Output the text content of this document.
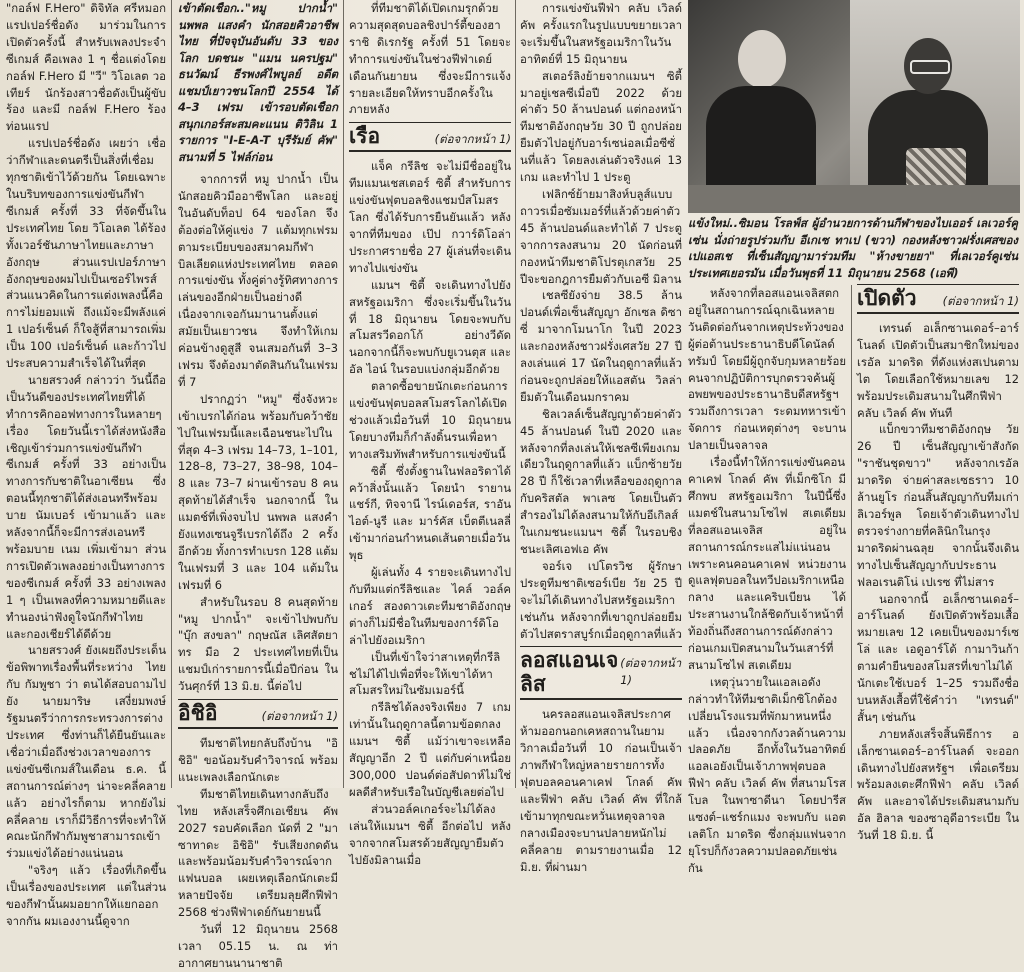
"กอล์ฟ F.Hero" ดิจิทัล ศรีหมอก แรปเปอร์ชื่อดัง มาร่วมในการเปิดตัวครั้งนี้ สำหรับเพลงประจำซีเกมส์ คือเพลง 1 ๆ ชื่อแต่งโดย กอล์ฟ F.Hero มี "วี" วิโอเลต วอเทียร์ นักร้องสาวชื่อดังเป็นผู้ขับร้อง และมี กอล์ฟ F.Hero ร้องท่อนแรป

แรปเปอร์ชื่อดัง เผยว่า เชื่อว่ากีฬาและดนตรีเป็นสิ่งที่เชื่อมทุกชาติเข้าไว้ด้วยกัน โดยเฉพาะในบริบทของการแข่งขันกีฬาซีเกมส์ ครั้งที่ 33 ที่จัดขึ้นในประเทศไทย โดย วิโอเลต ได้ร้องทั้งเวอร์ชันภาษาไทยและภาษาอังกฤษ ส่วนแรปเปอร์ภาษาอังกฤษของผมไปเป็นเซอร์ไพรส์ ส่วนแนวคิดในการแต่งเพลงนี้คือ การไม่ยอมแพ้ ถึงแม้จะมีพลังแค่ 1 เปอร์เซ็นต์ ก็ใจสู้ที่สามารถเพิ่มเป็น 100 เปอร์เซ็นต์ และก้าวไปประสบความสำเร็จได้ในที่สุด

นายสรวงศ์ กล่าวว่า วันนี้ถือเป็นวันดีของประเทศไทยที่ได้ทำการคิกออฟทางการในหลายๆ เรื่อง โดยวันนี้เราได้ส่งหนังสือเชิญเข้าร่วมการแข่งขันกีฬาซีเกมส์ ครั้งที่ 33 อย่างเป็นทางการกับชาติในอาเซียน ซึ่งตอนนี้ทุกชาติได้ส่งเอนทรีพร้อม บาย นัมเบอร์ เข้ามาแล้ว และหลังจากนี้ก็จะมีการส่งเอนทรีพร้อมบาย เนม เพิ่มเข้ามา ส่วนการเปิดตัวเพลงอย่างเป็นทางการของซีเกมส์ ครั้งที่ 33 อย่างเพลง 1 ๆ เป็นเพลงที่ความหมายดีและทำนองน่าฟังดูใจนักกีฬาไทย และกองเชียร์ได้ดีด้วย

นายสรวงศ์ ยังเผยถึงประเด็นข้อพิพาทเรื่องพื้นที่ระหว่าง ไทย กับ กัมพูชา ว่า ตนได้สอบถามไปยัง นายมาริษ เสงี่ยมพงษ์ รัฐมนตรีว่าการกระทรวงการต่างประเทศ ซึ่งท่านก็ได้ยืนยันและเชื่อว่าเมื่อถึงช่วงเวลาของการแข่งขันซีเกมส์ในเดือน ธ.ค. นี้ สถานการณ์ต่างๆ น่าจะคลี่คลายแล้ว อย่างไรก็ตาม หากยังไม่คลี่คลาย เราก็มีวิธีการที่จะทำให้คณะนักกีฬากัมพูชาสามารถเข้าร่วมแข่งได้อย่างแน่นอน

"จริงๆ แล้ว เรื่องที่เกิดขึ้นเป็นเรื่องของประเทศ แต่ในส่วนของกีฬานั้นผมอยากให้แยกออกจากกัน ผมเองงานนี้ดูจาก

เข้าตัดเชือก.."หมู ปากน้ำ" นพพล แสงคำ นักสอยคิวอาชีพไทย ที่ปัจจุบันอันดับ 33 ของโลก บดชนะ "แมน นครปฐม" ธนวัฒน์ ธีรพงศ์ไพบูลย์ อดีตแชมป์เยาวชนโลกปี 2554 ได้ 4–3 เฟรม เข้ารอบตัดเชือกสนุกเกอร์สะสมคะแนน ติวิลิน 1 รายการ "I-E-A-T บุรีรัมย์ คัพ" สนามที่ 5 ไฟล์ก่อน

จากการที่ หมู ปากน้ำ เป็นนักสอยคิวมืออาชีพโลก และอยู่ในอันดับท็อป 64 ของโลก จึงต้องต่อให้คู่แข่ง 7 แต้มทุกเฟรม ตามระเบียบของสมาคมกีฬาบิลเลียดแห่งประเทศไทย ตลอดการแข่งขัน ทั้งคู่ต่างรู้ทิศทางการเล่นของอีกฝ่ายเป็นอย่างดี เนื่องจากเจอกันมานานตั้งแต่สมัยเป็นเยาวชน จึงทำให้เกมค่อนข้างดูสูสี จนเสมอกันที่ 3–3 เฟรม จึงต้องมาตัดสินกันในเฟรมที่ 7

ปรากฏว่า "หมู" ซึ่งจังหวะเข้าเบรกได้ก่อน พร้อมกับคว้าชัยไปในเฟรมนี้และเฉือนชนะไปในที่สุด 4–3 เฟรม 14–73, 1–101, 128–8, 73–27, 38–98, 104–8 และ 73–7 ผ่านเข้ารอบ 8 คนสุดท้ายได้สำเร็จ นอกจากนี้ ในแมตช์ที่เพิ่งจบไป นพพล แสงคำ ยังแทงเซนจูรีเบรกได้ถึง 2 ครั้งอีกด้วย ทั้งการทำเบรก 128 แต้มในเฟรมที่ 3 และ 104 แต้มในเฟรมที่ 6

สำหรับในรอบ 8 คนสุดท้าย "หมู ปากน้ำ" จะเข้าไปพบกับ "บุ๊ก สงขลา" กฤษณัส เลิศสัตยาทร มือ 2 ประเทศไทยที่เป็นแชมป์เก่ารายการนี้เมื่อปีก่อน ในวันศุกร์ที่ 13 มิ.ย. นี้ต่อไป

อิชิอิ	(ต่อจากหน้า 1)

ทีมชาติไทยกลับถึงบ้าน "อิชิอิ" ขอน้อมรับคำวิจารณ์ พร้อมแนะเพลงเลือกนักเตะ

ทีมชาติไทยเดินทางกลับถึงไทย หลังเสร็จศึกเอเชียน คัพ 2027 รอบคัดเลือก นัดที่ 2 "มาซาทาดะ อิชิอิ" รับเสียงกดดัน และพร้อมน้อมรับคำวิจารณ์จากแฟนบอล เผยเหตุเลือกนักเตะมีหลายปัจจัย เตรียมลุยศึกฟีฟ่า 2568 ช่วงฟีฟ่าเดย์กันยายนนี้

วันที่ 12 มิถุนายน 2568 เวลา 05.15 น. ณ ท่าอากาศยานนานาชาติ

ที่ทีมชาติได้เปิดเกมรุกด้วยความสุดสุดบอลชิงปาร์ตี้ของฮาราชิ ดิเรกรัฐ ครั้งที่ 51 โดยจะทำการแข่งขันในช่วงฟีฟ่าเดย์เดือนกันยายน ซึ่งจะมีการแจ้งรายละเอียดให้ทราบอีกครั้งในภายหลัง

เรือ	(ต่อจากหน้า 1)

แจ็ค กรีลิช จะไม่มีชื่ออยู่ในทีมแมนเชสเตอร์ ซิตี้ สำหรับการแข่งขันฟุตบอลชิงแชมป์สโมสรโลก ซึ่งได้รับการยืนยันแล้ว หลังจากที่ทีมของ เป๊ป กวาร์ดิโอล่า ประกาศรายชื่อ 27 ผู้เล่นที่จะเดินทางไปแข่งขัน

แมนฯ ซิตี้ จะเดินทางไปยังสหรัฐอเมริกา ซึ่งจะเริ่มขึ้นในวันที่ 18 มิถุนายน โดยจะพบกับสโมสรวีดอกโก้ อย่างวีดัด นอกจากนี้ก็จะพบกับยูเวนตุส และอัล ไอน์ ในรอบแบ่งกลุ่มอีกด้วย

ตลาดซื้อขายนักเตะก่อนการแข่งขันฟุตบอลสโมสรโลกได้เปิดช่วงแล้วเมื่อวันที่ 10 มิถุนายน โดยบางทีมก็กำลังดิ้นรนเพื่อหาทางเสริมทัพสำหรับการแข่งขันนี้

ซิตี้ ซึ่งตั้งฐานในฟลอริดาได้คว้าสิ่งนั้นแล้ว โดยนำ รายาน แชร์กี, ทิจจานี ไรน์เดอร์ส, ราอัน ไอต์-นูรี และ มาร์คัส เบ็ตตีเนลลี่ เข้ามาก่อนกำหนดเส้นตายเมื่อวันพุธ

ผู้เล่นทั้ง 4 รายจะเดินทางไปกับทีมแต่กรีลิชและ ไคล์ วอล์คเกอร์ สองดาวเตะทีมชาติอังกฤษต่างก็ไม่มีชื่อในทีมของการ์ดิโอล่าไปยังอเมริกา

เป็นที่เข้าใจว่าสาเหตุที่กรีลิชไม่ได้ไปเพื่อที่จะให้เขาได้หาสโมสรใหม่ในซัมเมอร์นี้

กรีลิชได้ลงจริงเพียง 7 เกมเท่านั้นในฤดูกาลนี้ตามข้อตกลงแมนฯ ซิตี้ แม้ว่าเขาจะเหลือสัญญาอีก 2 ปี แต่กับค่าเหนื่อย 300,000 ปอนด์ต่อสัปดาห์ไม่ใช่ผลดีสำหรับเรือในบัญชีเลยต่อไป

ส่วนวอล์คเกอร์จะไม่ได้ลงเล่นให้แมนฯ ซิตี้ อีกต่อไป หลังจากจากสโมสรด้วยสัญญายืมตัวไปยังมิลานเมื่อ

การแข่งขันฟีฟ่า คลับ เวิลด์ คัพ ครั้งแรกในรูปแบบขยายเวลาจะเริ่มขึ้นในสหรัฐอเมริกาในวันอาทิตย์ที่ 15 มิถุนายน

สเตอร์ลิงย้ายจากแมนฯ ซิตี้ มาอยู่เชลซีเมื่อปี 2022 ด้วยค่าตัว 50 ล้านปอนด์ แต่กองหน้าทีมชาติอังกฤษวัย 30 ปี ถูกปล่อยยืมตัวไปอยู่กับอาร์เซน่อลเมื่อซีซั่นที่แล้ว โดยลงเล่นตัวจริงแค่ 13 เกม และทำไป 1 ประตู

เฟลิกซ์ย้ายมาสิงห์บลูส์แบบถาวรเมื่อซัมเมอร์ที่แล้วด้วยค่าตัว 45 ล้านปอนด์และทำได้ 7 ประตู จากการลงสนาม 20 นัดก่อนที่กองหน้าทีมชาติโปรตุเกสวัย 25 ปีจะขอกฎการยืมตัวกับเอซี มิลาน

เชลซียังจ่าย 38.5 ล้านปอนด์เพื่อเซ็นสัญญา อักเซล ดิซาซี่ มาจากโมนาโก ในปี 2023 และกองหลังชาวฝรั่งเศสวัย 27 ปี ลงเล่นแค่ 17 นัดในฤดูกาลที่แล้ว ก่อนจะถูกปล่อยให้แอสตัน วิลล่า ยืมตัวในเดือนมกราคม

ชิลเวลล์เซ็นสัญญาด้วยค่าตัว 45 ล้านปอนด์ ในปี 2020 และหลังจากที่ลงเล่นให้เชลซีเพียงเกมเดียวในฤดูกาลที่แล้ว แบ็กซ้ายวัย 28 ปี ก็ใช้เวลาที่เหลือของฤดูกาลกับคริสตัล พาเลซ โดยเป็นตัวสำรองไม่ได้ลงสนามให้กับอีเกิลส์ในเกมชนะแมนฯ ซิตี้ ในรอบชิงชนะเลิศเอฟเอ คัพ

จอร์เจ เปโตรวิช ผู้รักษาประตูทีมชาติเซอร์เบีย วัย 25 ปี จะไม่ได้เดินทางไปสหรัฐอเมริกาเช่นกัน หลังจากที่เขาถูกปล่อยยืมตัวไปสตราสบูร์กเมื่อฤดูกาลที่แล้ว

ลอสแอนเจลิส
(ต่อจากหน้า 1)

นครลอสแอนเจลิสประกาศห้ามออกนอกเคหสถานในยามวิกาลเมื่อวันที่ 10 ก่อนเป็นเจ้าภาพกีฬาใหญ่หลายรายการทั้งฟุตบอลคอนคาเคฟ โกลด์ คัพ และฟีฟ่า คลับ เวิลด์ คัพ ที่ใกล้เข้ามาทุกขณะหวั่นเหตุจลาจลกลางเมืองจะบานปลายหนักไม่คลี่คลาย ตามรายงานเมื่อ 12 มิ.ย. ที่ผ่านมา

แข้งใหม่..ซิมอน โรลฟ์ส ผู้อำนวยการด้านกีฬาของไบเออร์ เลเวอร์คูเซ่น นั่งถ่ายรูปร่วมกับ อีเกเซ ทาเป (ขวา) กองหลังชาวฝรั่งเศสของเปแอสเช ที่เซ็นสัญญามาร่วมทีม "ห้างขายยา" ที่เลเวอร์คูเซ่น ประเทศเยอรมัน เมื่อวันพุธที่ 11 มิถุนายน 2568 (เอพี)

หลังจากที่ลอสแอนเจลิสตกอยู่ในสถานการณ์ฉุกเฉินหลายวันติดต่อกันจากเหตุประท้วงของผู้ต่อต้านประธานาธิบดีโดนัลด์ ทรัมป์ โดยมีผู้ถูกจับกุมหลายร้อยคนจากปฏิบัติการบุกตรวจค้นผู้อพยพของประธานาธิบดีสหรัฐฯ รวมถึงการเวลา ระดมทหารเข้าจัดการ ก่อนเหตุต่างๆ จะบานปลายเป็นจลาจล

เรื่องนี้ทำให้การแข่งขันคอนคาเคฟ โกลด์ คัพ ที่เม็กซิโก มีศึกพบ สหรัฐอเมริกา ในปีนี้ซึ่งแมตช์ในสนามโซไฟ สเตเดียม ที่ลอสแอนเจลิส อยู่ในสถานการณ์กระแสไม่แน่นอนเพราะคนคอนคาเคฟ หน่วยงานดูแลฟุตบอลในทวีปอเมริกาเหนือ กลาง และแคริบเบียน ได้ประสานงานใกล้ชิดกับเจ้าหน้าที่ท้องถิ่นถึงสถานการณ์ดังกล่าว ก่อนเกมเปิดสนามในวันเสาร์ที่สนามโซไฟ สเตเดียม

เหตุวุ่นวายในแอลเอดังกล่าวทำให้ทีมชาติเม็กซิโกต้องเปลี่ยนโรงแรมที่พักมาหนหนึ่งแล้ว เนื่องจากกังวลด้านความปลอดภัย อีกทั้งในวันอาทิตย์ แอลเอยังเป็นเจ้าภาพฟุตบอลฟีฟ่า คลับ เวิลด์ คัพ ที่สนามโรสโบล ในพาซาดีนา โดยปารีส แซงต์–แชร์กแมง จะพบกับ แอตเลติโก มาดริด ซึ่งกลุ่มแฟนจากยุโรปก็กังวลความปลอดภัยเช่นกัน

เปิดตัว (ต่อจากหน้า 1)

เทรนต์ อเล็กซานเดอร์–อาร์โนลด์ เปิดตัวเป็นสมาชิกใหม่ของเรอัล มาดริด ที่ดังแห่งสเปนตามไต โดยเลือกใช้หมายเลข 12 พร้อมประเดิมสนามในศึกฟีฟ่า คลับ เวิลด์ คัพ ทันที

แบ็กขวาทีมชาติอังกฤษ วัย 26 ปี เซ็นสัญญาเข้าสังกัด "ราชันชุดขาว" หลังจากเรอัล มาดริด จ่ายค่าสละเซธราว 10 ล้านยูโร ก่อนสิ้นสัญญากับทีมเก่าลิเวอร์พูล โดยเจ้าตัวเดินทางไปตรวจร่างกายที่คลินิกในกรุงมาดริดผ่านฉลุย จากนั้นจึงเดินทางไปเซ็นสัญญากับประธานฟลอเรนติโน่ เปเรซ ที่ไม่สาร

นอกจากนี้ อเล็กซานเดอร์–อาร์โนลด์ ยังเปิดตัวพร้อมเสื้อหมายเลข 12 เคยเป็นของมาร์เซโล่ และ เอดูอาร์โด้ กามาวินก้า ตามคำยืนของสโมสรที่เขาไม่ได้นักเตะใช้เบอร์ 1–25 รวมถึงชื่อบนหลังเสื้อที่ใช้คำว่า "เทรนต์" สั้นๆ เช่นกัน

ภายหลังเสร็จสิ้นพิธีการ อเล็กซานเดอร์–อาร์โนลด์ จะออกเดินทางไปยังสหรัฐฯ เพื่อเตรียมพร้อมลงเตะศึกฟีฟ่า คลับ เวิลด์ คัพ และอาจได้ประเดิมสนามกับอัล ฮิลาล ของซาอุดีอาระเบีย ในวันที่ 18 มิ.ย. นี้
